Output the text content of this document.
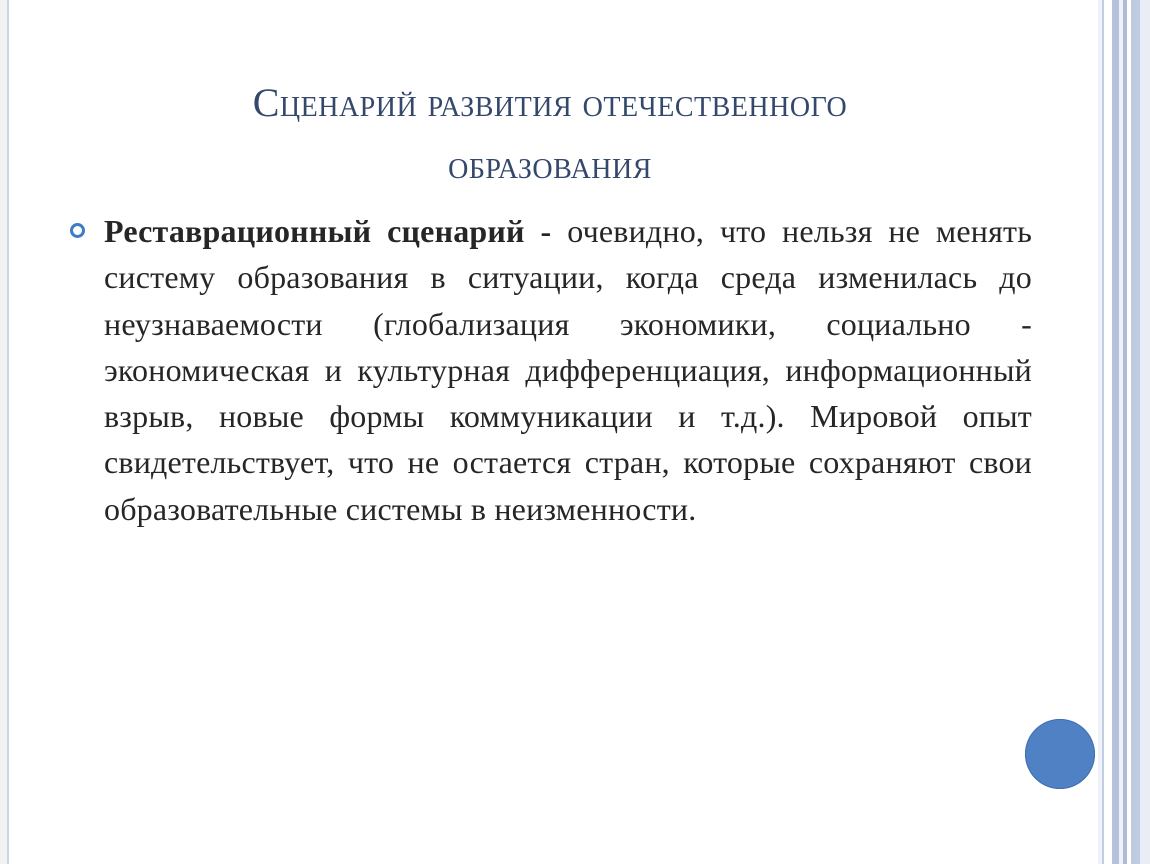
Сценарий развития отечественного
образования
Реставрационный сценарий - очевидно, что нельзя не менять систему образования в ситуации, когда среда изменилась до неузнаваемости (глобализация экономики, социально - экономическая и культурная дифференциация, информационный взрыв, новые формы коммуникации и т.д.). Мировой опыт свидетельствует, что не остается стран, которые сохраняют свои образовательные системы в неизменности.
